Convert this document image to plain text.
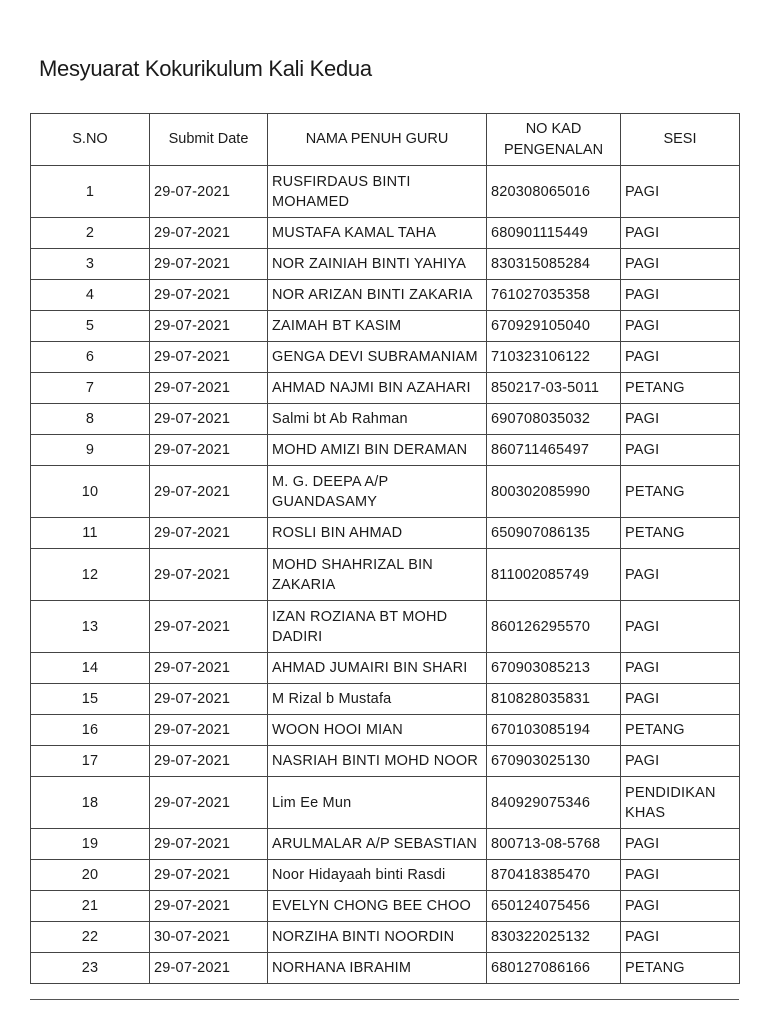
Mesyuarat Kokurikulum Kali Kedua
S.NO	Submit Date	NAMA PENUH GURU	NO KAD PENGENALAN	SESI
1	29-07-2021	RUSFIRDAUS BINTI MOHAMED	820308065016	PAGI
2	29-07-2021	MUSTAFA KAMAL TAHA	680901115449	PAGI
3	29-07-2021	NOR ZAINIAH BINTI YAHIYA	830315085284	PAGI
4	29-07-2021	NOR ARIZAN BINTI ZAKARIA	761027035358	PAGI
5	29-07-2021	ZAIMAH BT KASIM	670929105040	PAGI
6	29-07-2021	GENGA DEVI SUBRAMANIAM	710323106122	PAGI
7	29-07-2021	AHMAD NAJMI BIN AZAHARI	850217-03-5011	PETANG
8	29-07-2021	Salmi bt Ab Rahman	690708035032	PAGI
9	29-07-2021	MOHD AMIZI BIN DERAMAN	860711465497	PAGI
10	29-07-2021	M. G. DEEPA A/P GUANDASAMY	800302085990	PETANG
11	29-07-2021	ROSLI BIN AHMAD	650907086135	PETANG
12	29-07-2021	MOHD SHAHRIZAL BIN ZAKARIA	811002085749	PAGI
13	29-07-2021	IZAN ROZIANA BT MOHD DADIRI	860126295570	PAGI
14	29-07-2021	AHMAD JUMAIRI BIN SHARI	670903085213	PAGI
15	29-07-2021	M Rizal b Mustafa	810828035831	PAGI
16	29-07-2021	WOON HOOI MIAN	670103085194	PETANG
17	29-07-2021	NASRIAH BINTI MOHD NOOR	670903025130	PAGI
18	29-07-2021	Lim Ee Mun	840929075346	PENDIDIKAN KHAS
19	29-07-2021	ARULMALAR A/P SEBASTIAN	800713-08-5768	PAGI
20	29-07-2021	Noor Hidayaah binti Rasdi	870418385470	PAGI
21	29-07-2021	EVELYN CHONG BEE CHOO	650124075456	PAGI
22	30-07-2021	NORZIHA BINTI NOORDIN	830322025132	PAGI
23	29-07-2021	NORHANA IBRAHIM	680127086166	PETANG
